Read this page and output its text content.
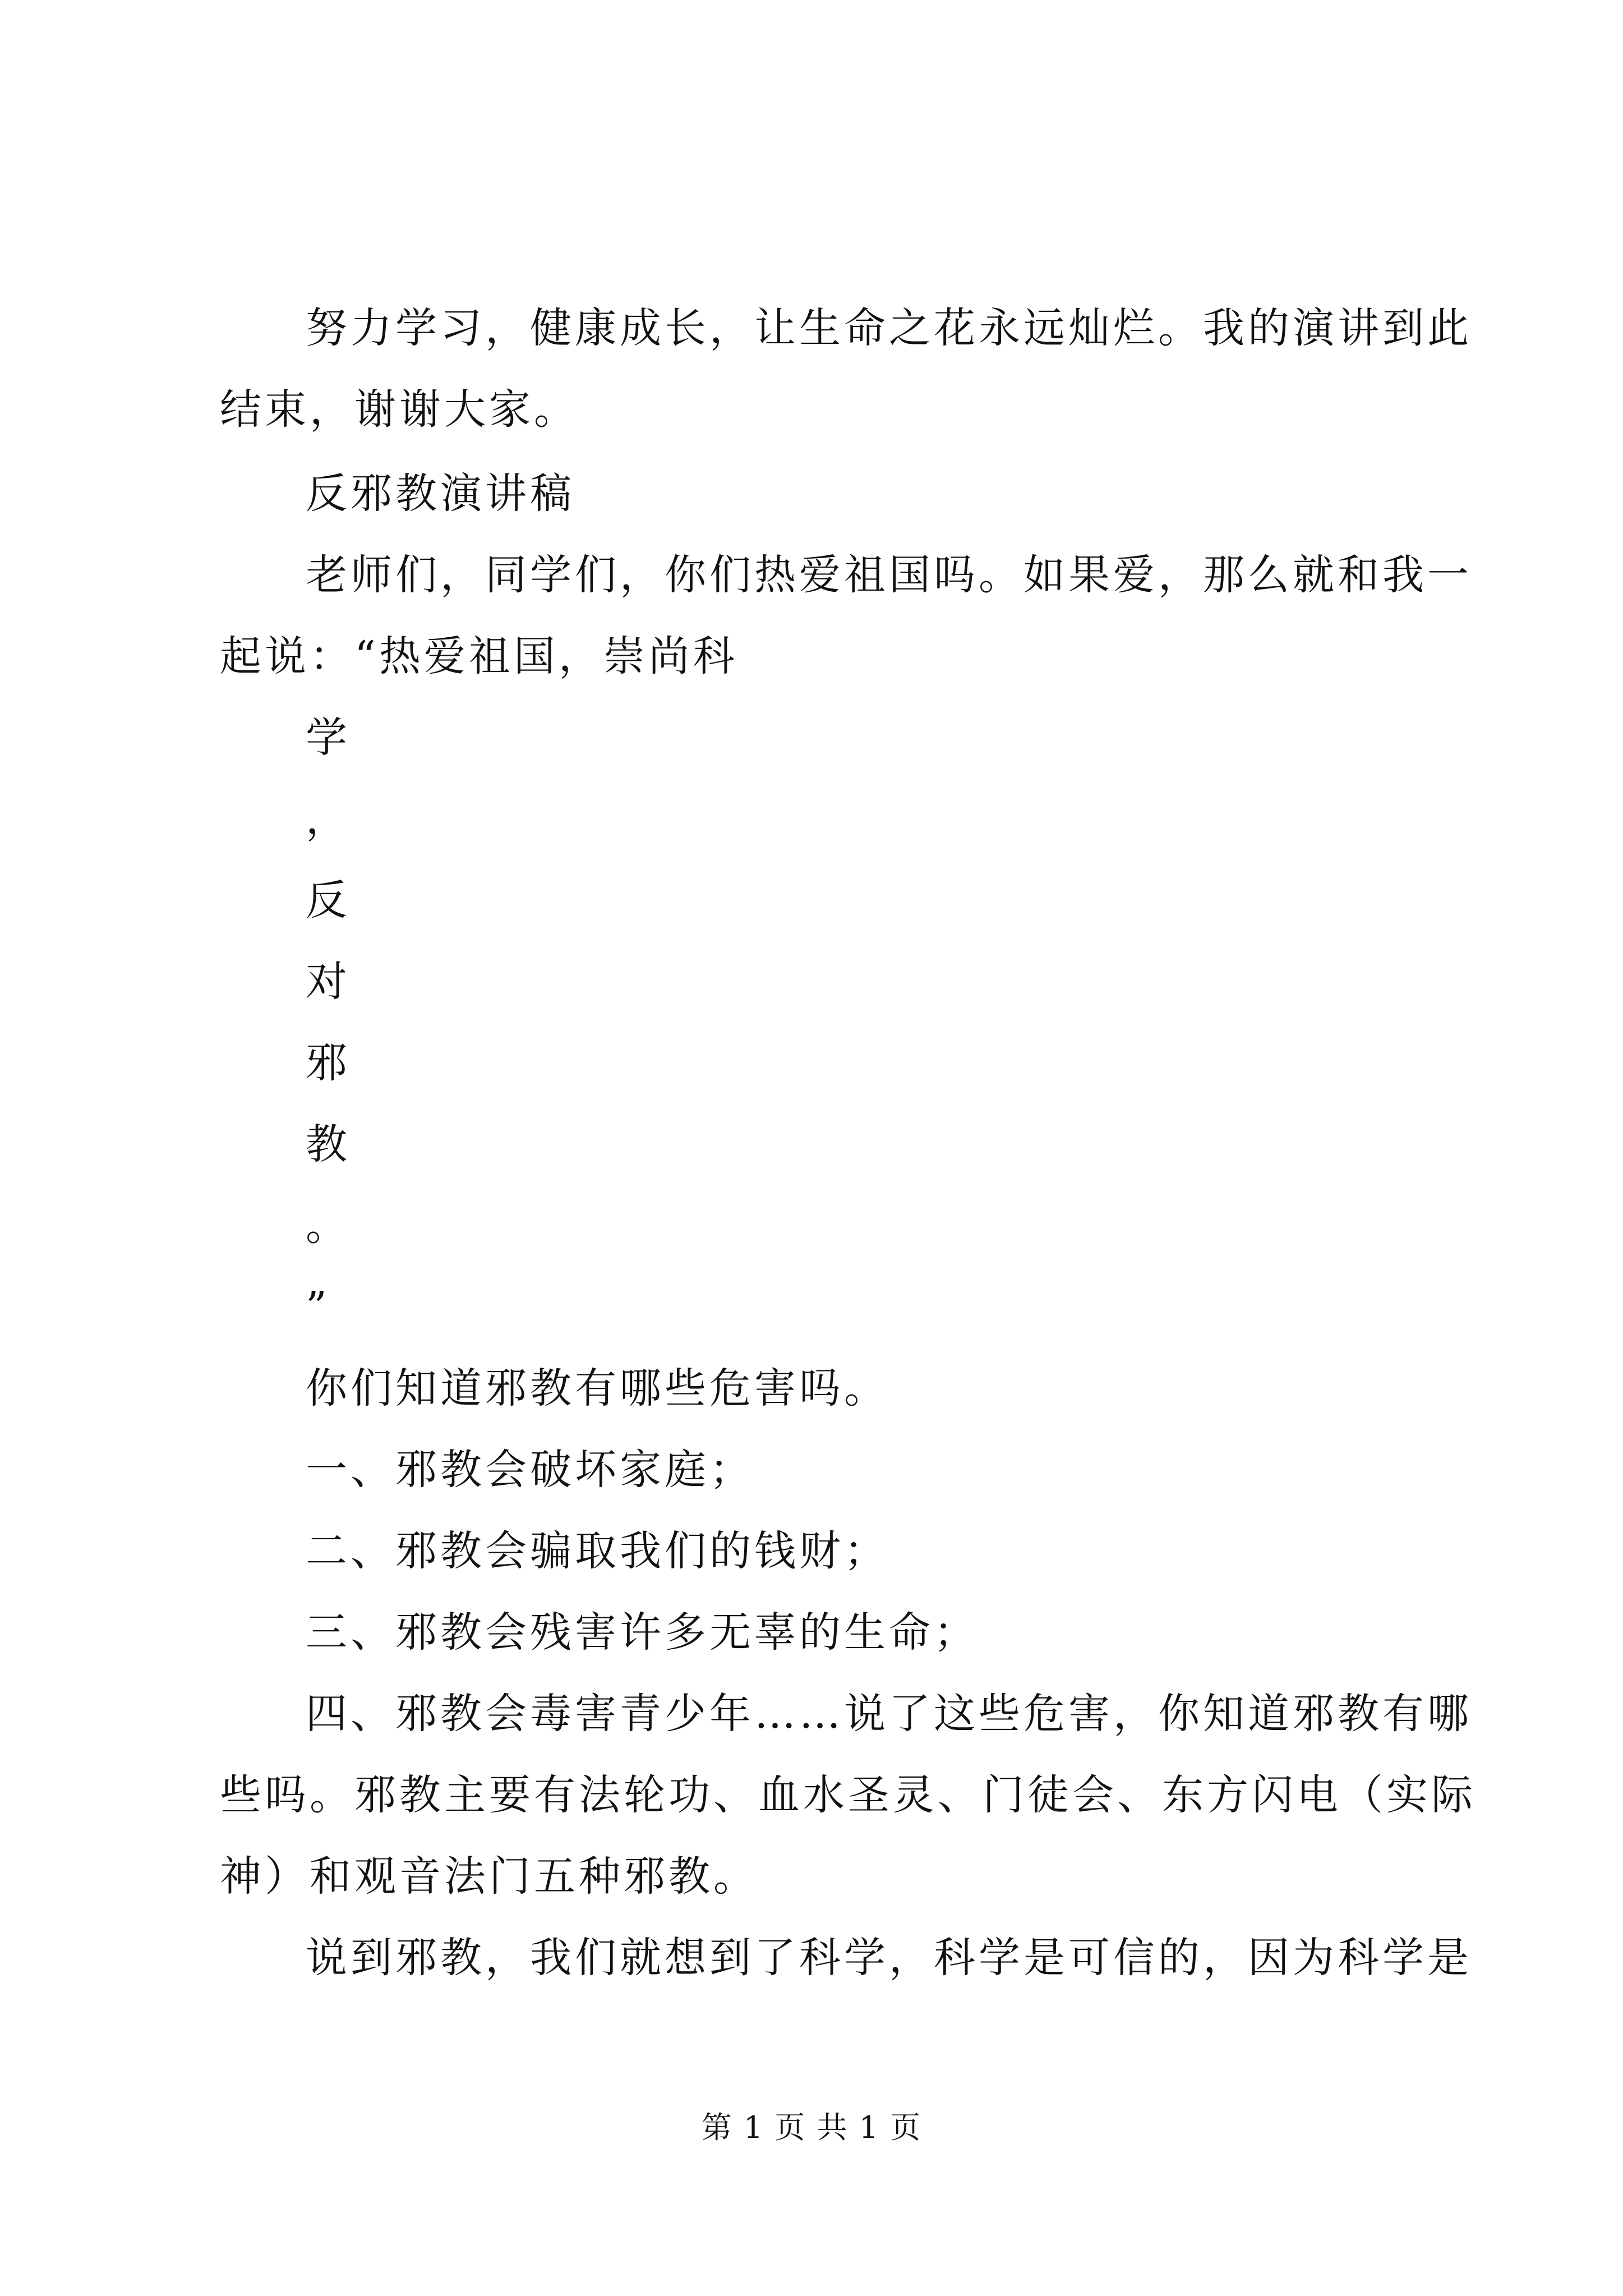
努力学习，健康成长，让生命之花永远灿烂。我的演讲到此
结束，谢谢大家。
反邪教演讲稿
老师们，同学们，你们热爱祖国吗。如果爱，那么就和我一
起说：“热爱祖国，崇尚科
学
，
反
对
邪
教
。
”
你们知道邪教有哪些危害吗。
一、邪教会破坏家庭；
二、邪教会骗取我们的钱财；
三、邪教会残害许多无辜的生命；
四、邪教会毒害青少年……说了这些危害，你知道邪教有哪
些吗。邪教主要有法轮功、血水圣灵、门徒会、东方闪电（实际
神）和观音法门五种邪教。
说到邪教，我们就想到了科学，科学是可信的，因为科学是
第 1 页 共 1 页
